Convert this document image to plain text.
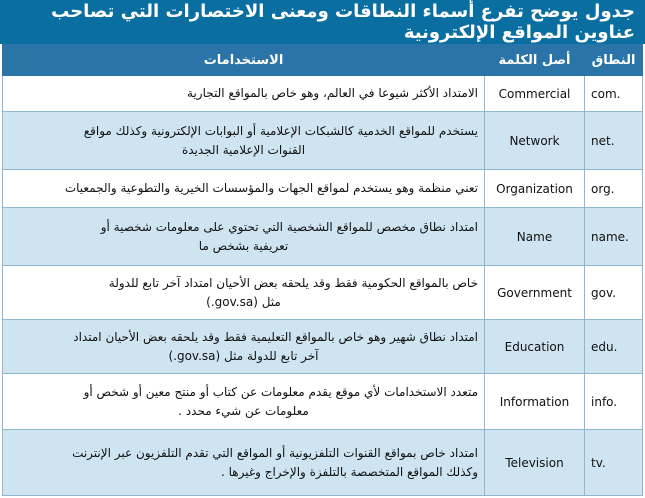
جدول يوضح تفرع أسماء النطاقات ومعنى الاختصارات التي تصاحب عناوين المواقع الإلكترونية
النطاق	أصل الكلمة	الاستخدامات
com.	Commercial	الامتداد الأكثر شيوعا في العالم، وهو خاص بالمواقع التجارية

net.	Network	يستخدم للمواقع الخدمية كالشبكات الإعلامية أو البوابات الإلكترونية وكذلك مواقع
القنوات الإعلامية الجديدة

org.	Organization	تعني منظمة وهو يستخدم لمواقع الجهات والمؤسسات الخيرية والتطوعية والجمعيات

name.	Name	امتداد نطاق مخصص للمواقع الشخصية التي تحتوي على معلومات شخصية أو
تعريفية بشخص ما

gov.	Government	خاص بالمواقع الحكومية فقط وقد يلحقه بعض الأحيان امتداد آخر تابع للدولة
مثل (gov.sa.)

edu.	Education	امتداد نطاق شهير وهو خاص بالمواقع التعليمية فقط وقد يلحقه بعض الأحيان امتداد
آخر تابع للدولة مثل (gov.sa.)

info.	Information	متعدد الاستخدامات لأي موقع يقدم معلومات عن كتاب أو منتج معين أو شخص أو
معلومات عن شيء محدد .

tv.	Television	امتداد خاص بمواقع القنوات التلفزيونية أو المواقع التي تقدم التلفزيون عبر الإنترنت
وكذلك المواقع المتخصصة بالتلفزة والإخراج وغيرها .
